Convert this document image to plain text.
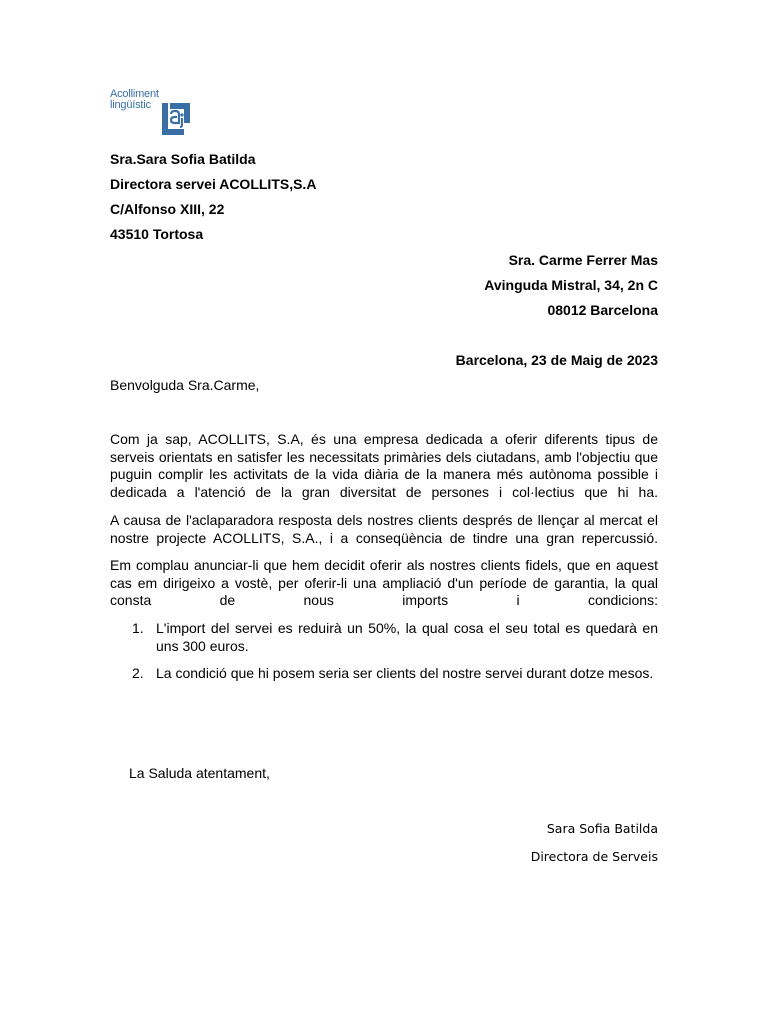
Acolliment
lingüístic
Sra.Sara Sofia Batilda
Directora servei ACOLLITS,S.A
C/Alfonso XIII, 22
43510 Tortosa
Sra. Carme Ferrer Mas
Avinguda Mistral, 34, 2n C
08012 Barcelona
Barcelona, 23 de Maig de 2023
Benvolguda Sra.Carme,
Com ja sap, ACOLLITS, S.A, és una empresa dedicada a oferir diferents tipus de serveis orientats en satisfer les necessitats primàries dels ciutadans, amb l'objectiu que puguin complir les activitats de la vida diària de la manera més autònoma possible i dedicada a l'atenció de la gran diversitat de persones i col·lectius que hi ha.
A causa de l'aclaparadora resposta dels nostres clients després de llençar al mercat el nostre projecte ACOLLITS, S.A., i a conseqüència de tindre una gran repercussió.
Em complau anunciar-li que hem decidit oferir als nostres clients fidels, que en aquest cas em dirigeixo a vostè, per oferir-li una ampliació d'un període de garantia, la qual consta de nous imports i condicions:
1. L'import del servei es reduirà un 50%, la qual cosa el seu total es quedarà en uns 300 euros.
2. La condició que hi posem seria ser clients del nostre servei durant dotze mesos.
La Saluda atentament,
Sara Sofia Batilda
Directora de Serveis
